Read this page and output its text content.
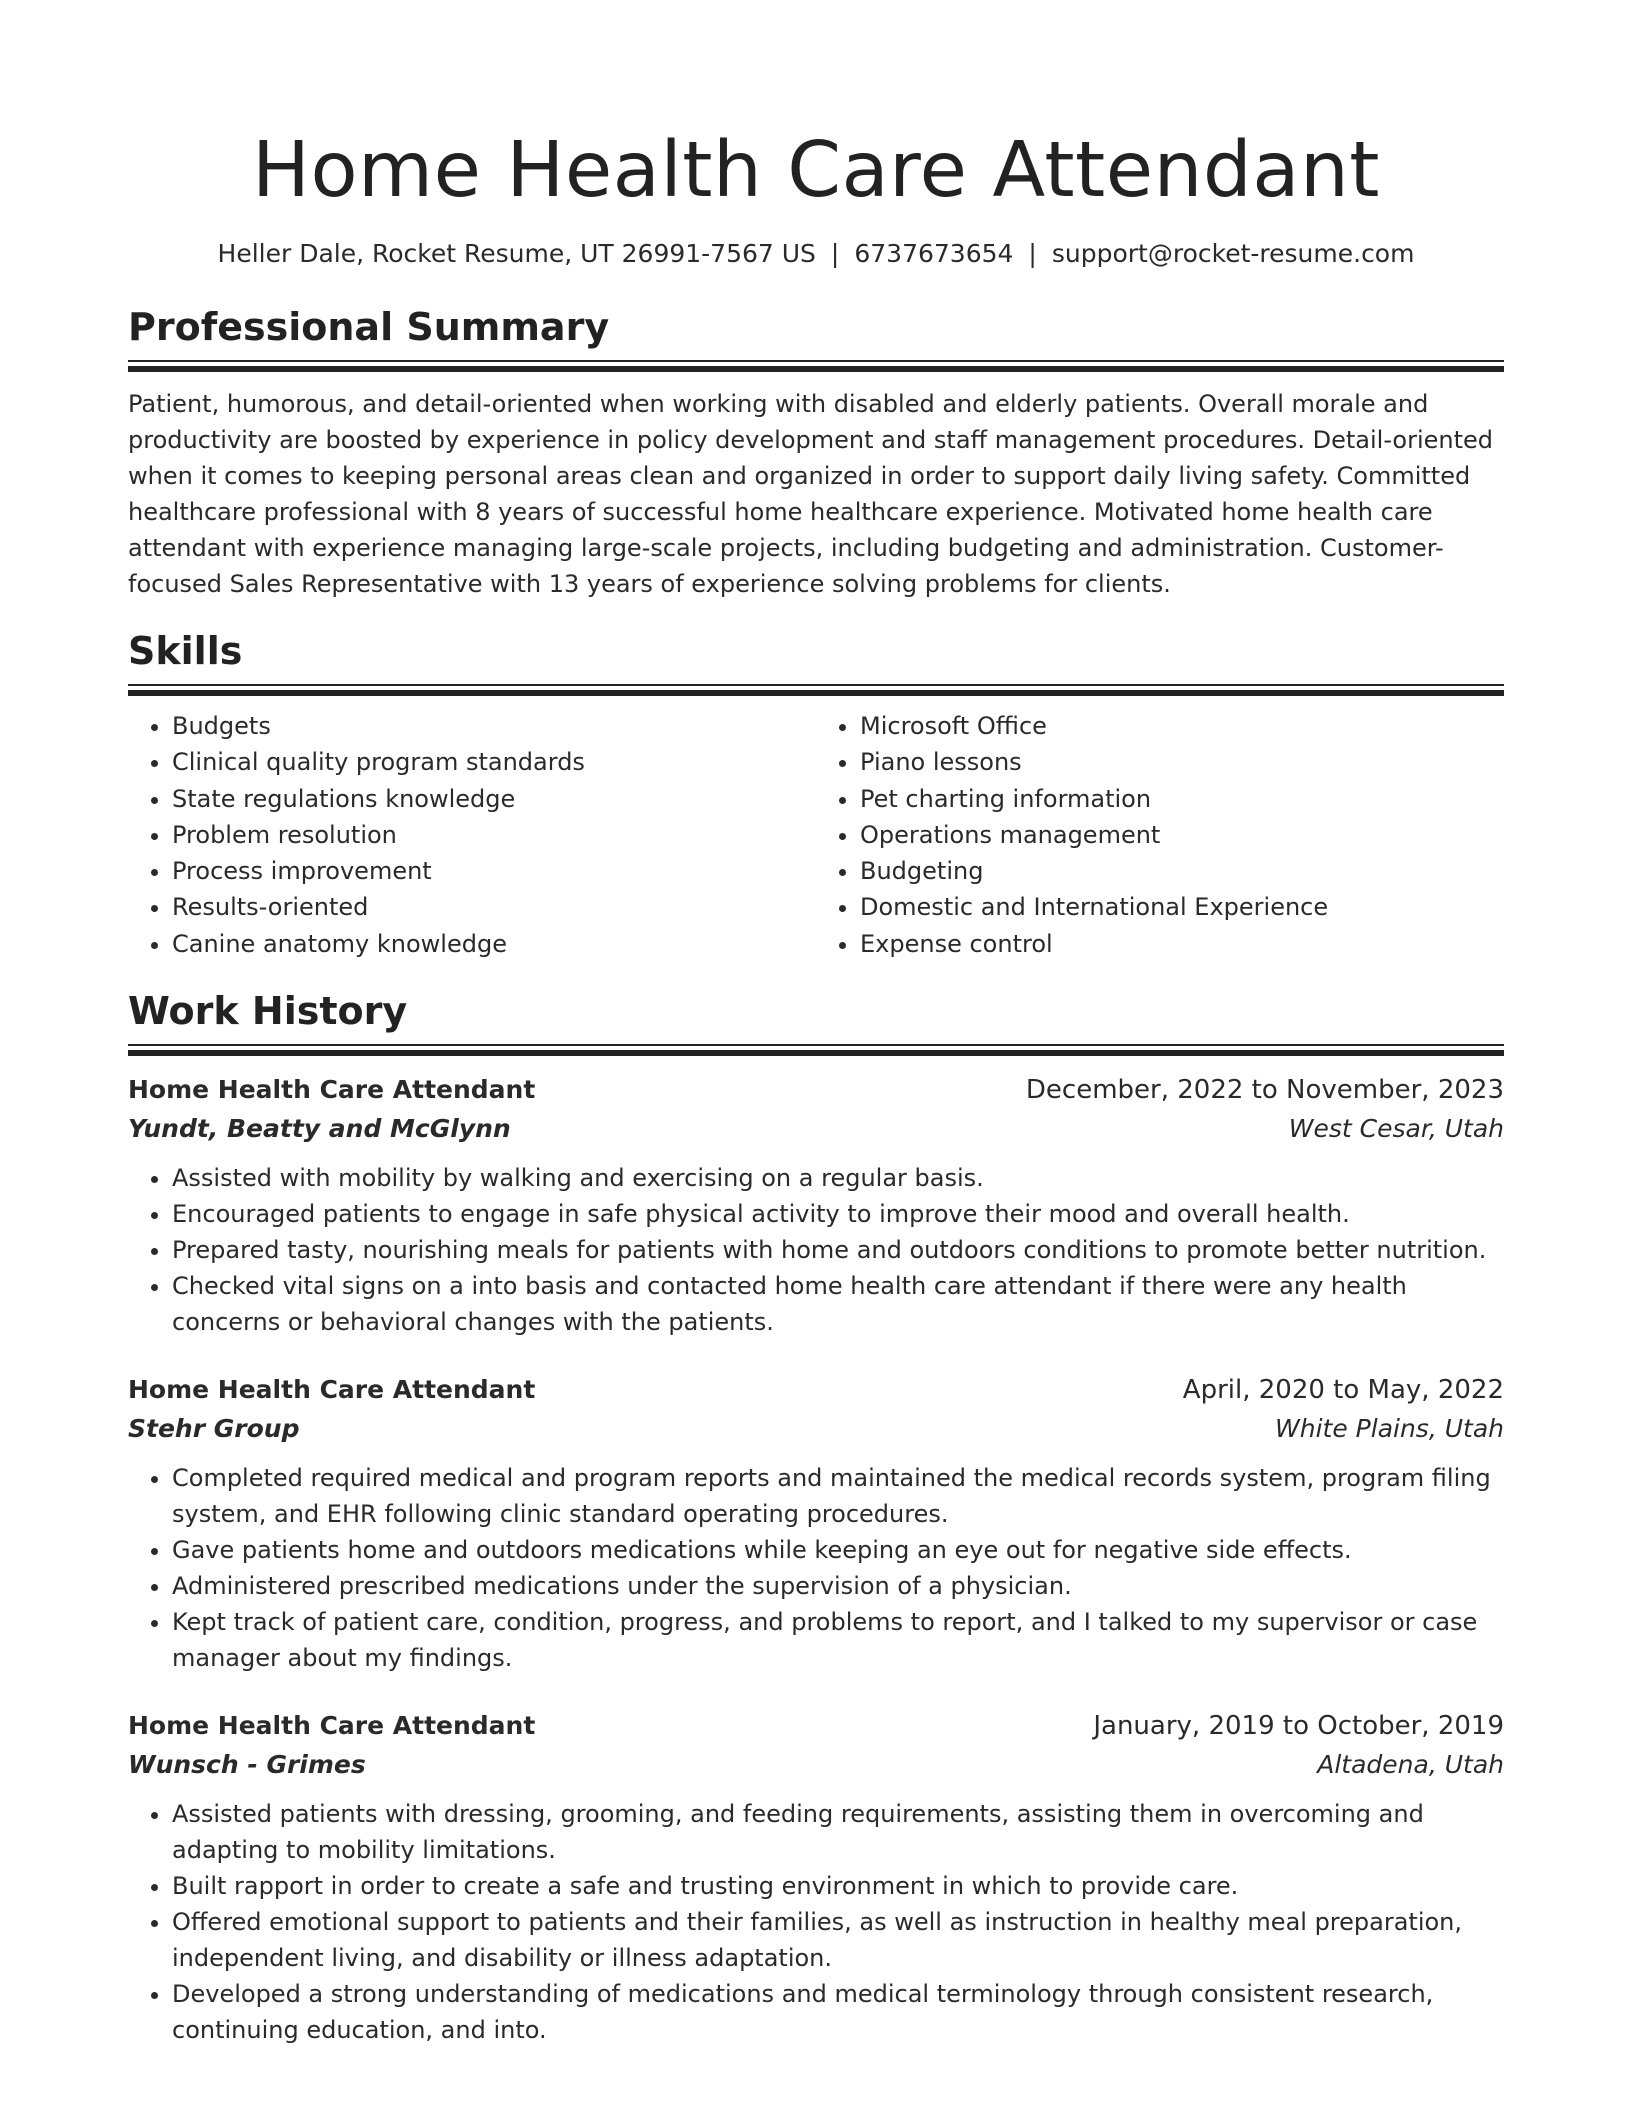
Home Health Care Attendant
Heller Dale, Rocket Resume, UT 26991-7567 US | 6737673654 | support@rocket-resume.com
Professional Summary

Patient, humorous, and detail-oriented when working with disabled and elderly patients. Overall morale and productivity are boosted by experience in policy development and staff management procedures. Detail-oriented when it comes to keeping personal areas clean and organized in order to support daily living safety. Committed healthcare professional with 8 years of successful home healthcare experience. Motivated home health care attendant with experience managing large-scale projects, including budgeting and administration. Customer-focused Sales Representative with 13 years of experience solving problems for clients.

Skills
• Budgets
• Clinical quality program standards
• State regulations knowledge
• Problem resolution
• Process improvement
• Results-oriented
• Canine anatomy knowledge
• Microsoft Office
• Piano lessons
• Pet charting information
• Operations management
• Budgeting
• Domestic and International Experience
• Expense control
Work History
Home Health Care Attendant	December, 2022 to November, 2023
Yundt, Beatty and McGlynn	West Cesar, Utah
• Assisted with mobility by walking and exercising on a regular basis.
• Encouraged patients to engage in safe physical activity to improve their mood and overall health.
• Prepared tasty, nourishing meals for patients with home and outdoors conditions to promote better nutrition.
• Checked vital signs on a into basis and contacted home health care attendant if there were any health concerns or behavioral changes with the patients.
Home Health Care Attendant	April, 2020 to May, 2022
Stehr Group	White Plains, Utah
• Completed required medical and program reports and maintained the medical records system, program filing system, and EHR following clinic standard operating procedures.
• Gave patients home and outdoors medications while keeping an eye out for negative side effects.
• Administered prescribed medications under the supervision of a physician.
• Kept track of patient care, condition, progress, and problems to report, and I talked to my supervisor or case manager about my findings.
Home Health Care Attendant	January, 2019 to October, 2019
Wunsch - Grimes	Altadena, Utah
• Assisted patients with dressing, grooming, and feeding requirements, assisting them in overcoming and adapting to mobility limitations.
• Built rapport in order to create a safe and trusting environment in which to provide care.
• Offered emotional support to patients and their families, as well as instruction in healthy meal preparation, independent living, and disability or illness adaptation.
• Developed a strong understanding of medications and medical terminology through consistent research, continuing education, and into.
